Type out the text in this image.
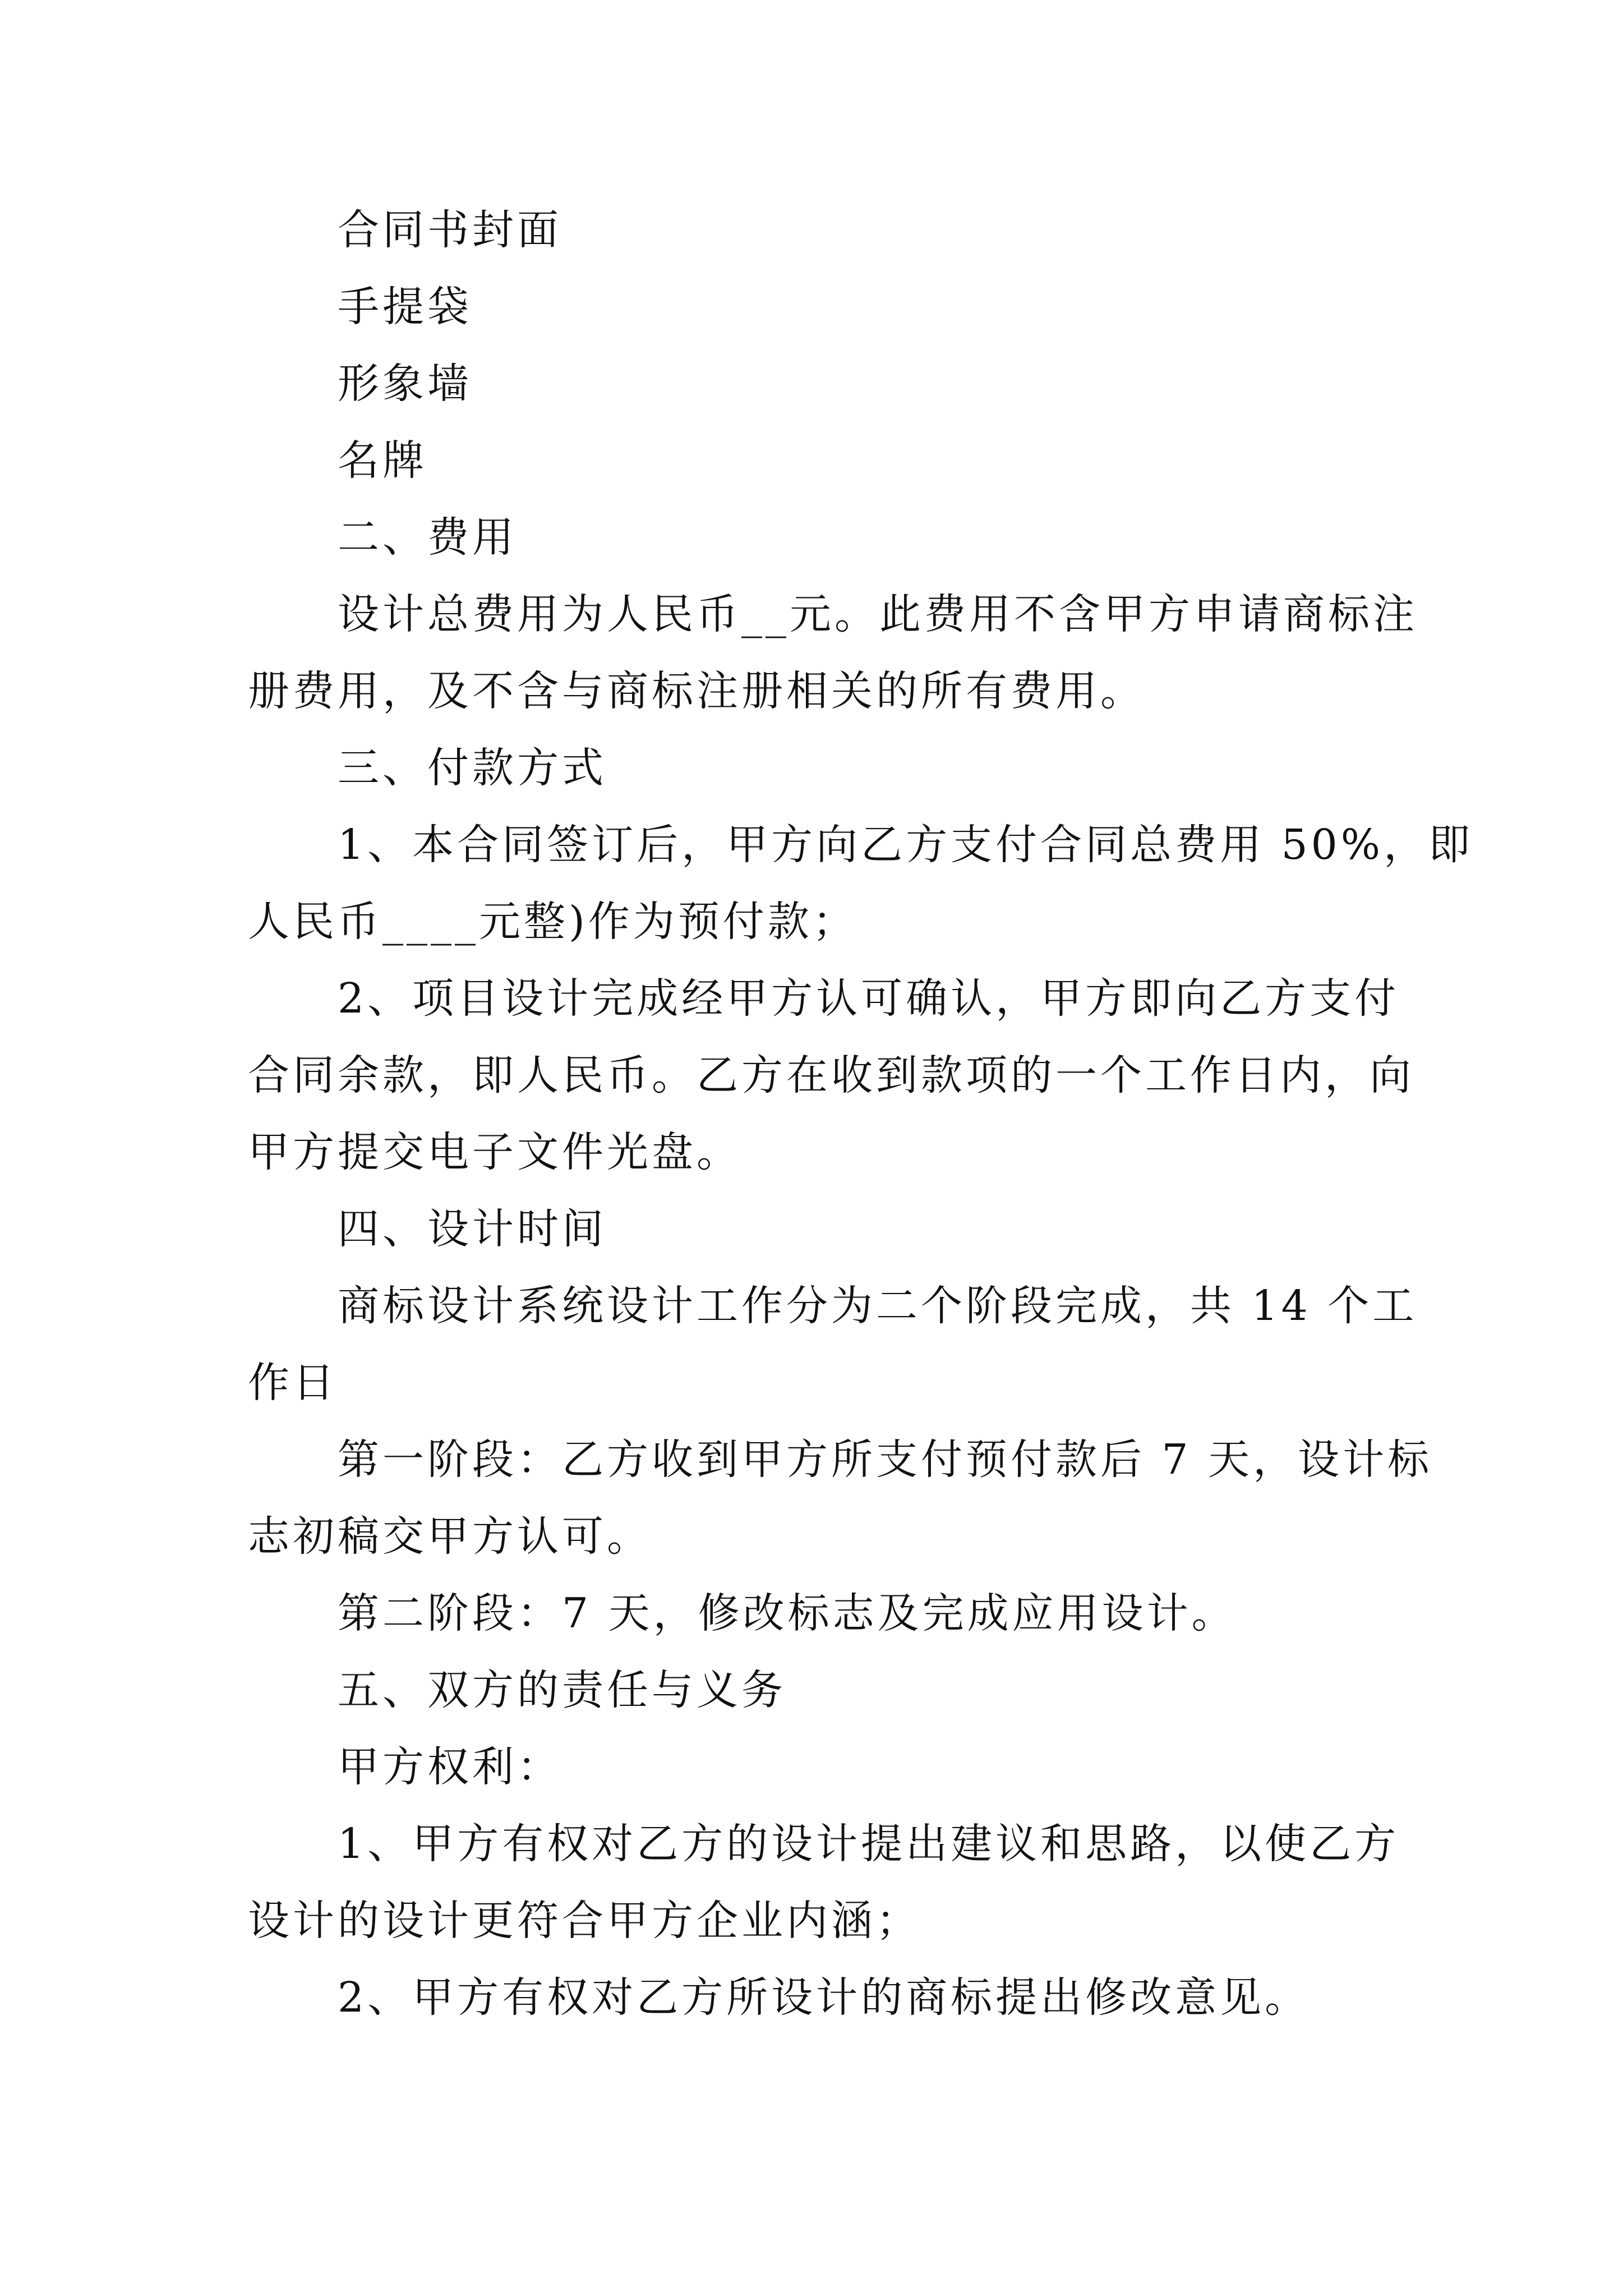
合同书封面

手提袋

形象墙

名牌

二、费用

设计总费用为人民币__元。此费用不含甲方申请商标注

册费用，及不含与商标注册相关的所有费用。

三、付款方式

1、本合同签订后，甲方向乙方支付合同总费用 50%，即

人民币____元整)作为预付款；

2、项目设计完成经甲方认可确认，甲方即向乙方支付

合同余款，即人民币。乙方在收到款项的一个工作日内，向

甲方提交电子文件光盘。

四、设计时间

商标设计系统设计工作分为二个阶段完成，共 14 个工

作日

第一阶段：乙方收到甲方所支付预付款后 7 天，设计标

志初稿交甲方认可。

第二阶段：7 天，修改标志及完成应用设计。

五、双方的责任与义务

甲方权利：

1、甲方有权对乙方的设计提出建议和思路，以使乙方

设计的设计更符合甲方企业内涵；

2、甲方有权对乙方所设计的商标提出修改意见。
